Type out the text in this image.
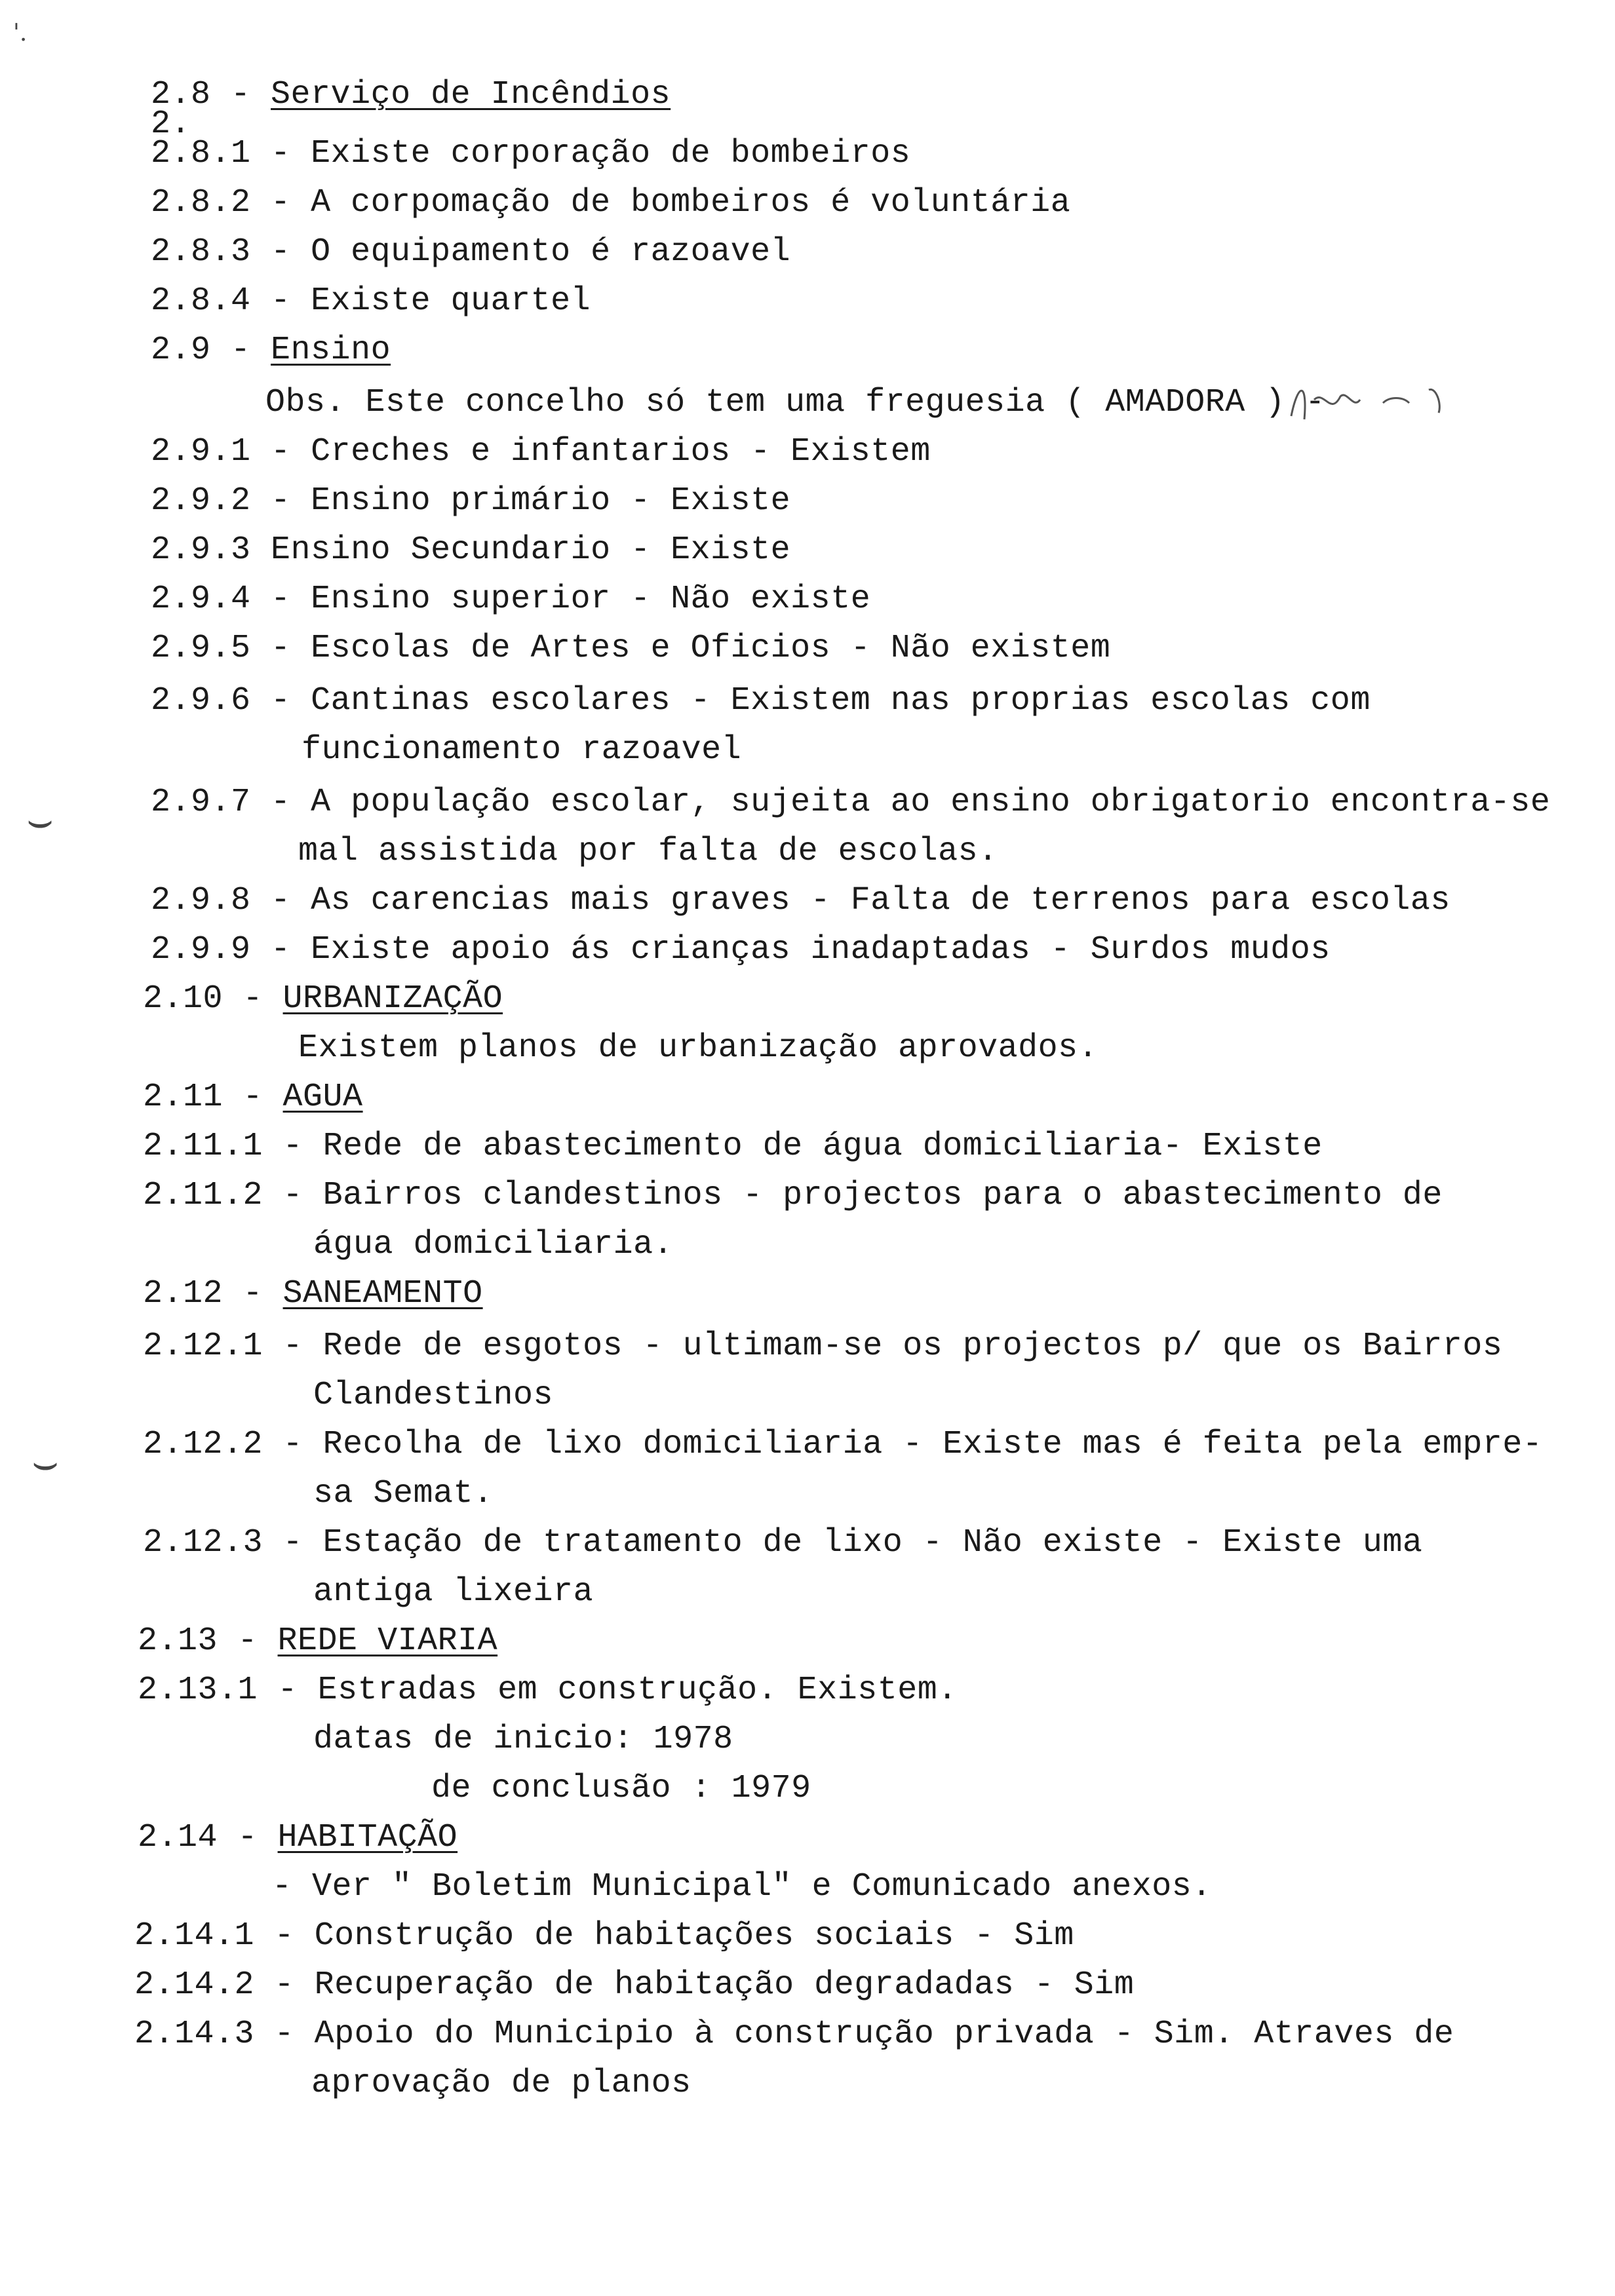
'.
2.8 - Serviço de Incêndios
2.
2.8.1 - Existe corporação de bombeiros
2.8.2 - A corpomação de bombeiros é voluntária
2.8.3 - O equipamento é razoavel
2.8.4 - Existe quartel
2.9 - Ensino
Obs. Este concelho só tem uma freguesia ( AMADORA ) -
2.9.1 - Creches e infantarios - Existem
2.9.2 - Ensino primário - Existe
2.9.3 Ensino Secundario - Existe
2.9.4 - Ensino superior - Não existe
2.9.5 - Escolas de Artes e Oficios - Não existem
2.9.6 - Cantinas escolares - Existem nas proprias escolas com
funcionamento razoavel
⌣	2.9.7 - A população escolar, sujeita ao ensino obrigatorio encontra-se
mal assistida por falta de escolas.
2.9.8 - As carencias mais graves - Falta de terrenos para escolas
2.9.9 - Existe apoio ás crianças inadaptadas - Surdos mudos
2.10 - URBANIZAÇÃO
Existem planos de urbanização aprovados.
2.11 - AGUA
2.11.1 - Rede de abastecimento de água domiciliaria- Existe
2.11.2 - Bairros clandestinos - projectos para o abastecimento de
água domiciliaria.
2.12 - SANEAMENTO
2.12.1 - Rede de esgotos - ultimam-se os projectos p/ que os Bairros
Clandestinos
⌣	2.12.2 - Recolha de lixo domiciliaria - Existe mas é feita pela empre-
sa Semat.
2.12.3 - Estação de tratamento de lixo - Não existe - Existe uma
antiga lixeira
2.13 - REDE VIARIA
2.13.1 - Estradas em construção. Existem.
datas de inicio: 1978
de conclusão : 1979
2.14 - HABITAÇÃO
- Ver " Boletim Municipal" e Comunicado anexos.
2.14.1 - Construção de habitações sociais - Sim
2.14.2 - Recuperação de habitação degradadas - Sim
2.14.3 - Apoio do Municipio à construção privada - Sim. Atraves de
aprovação de planos
